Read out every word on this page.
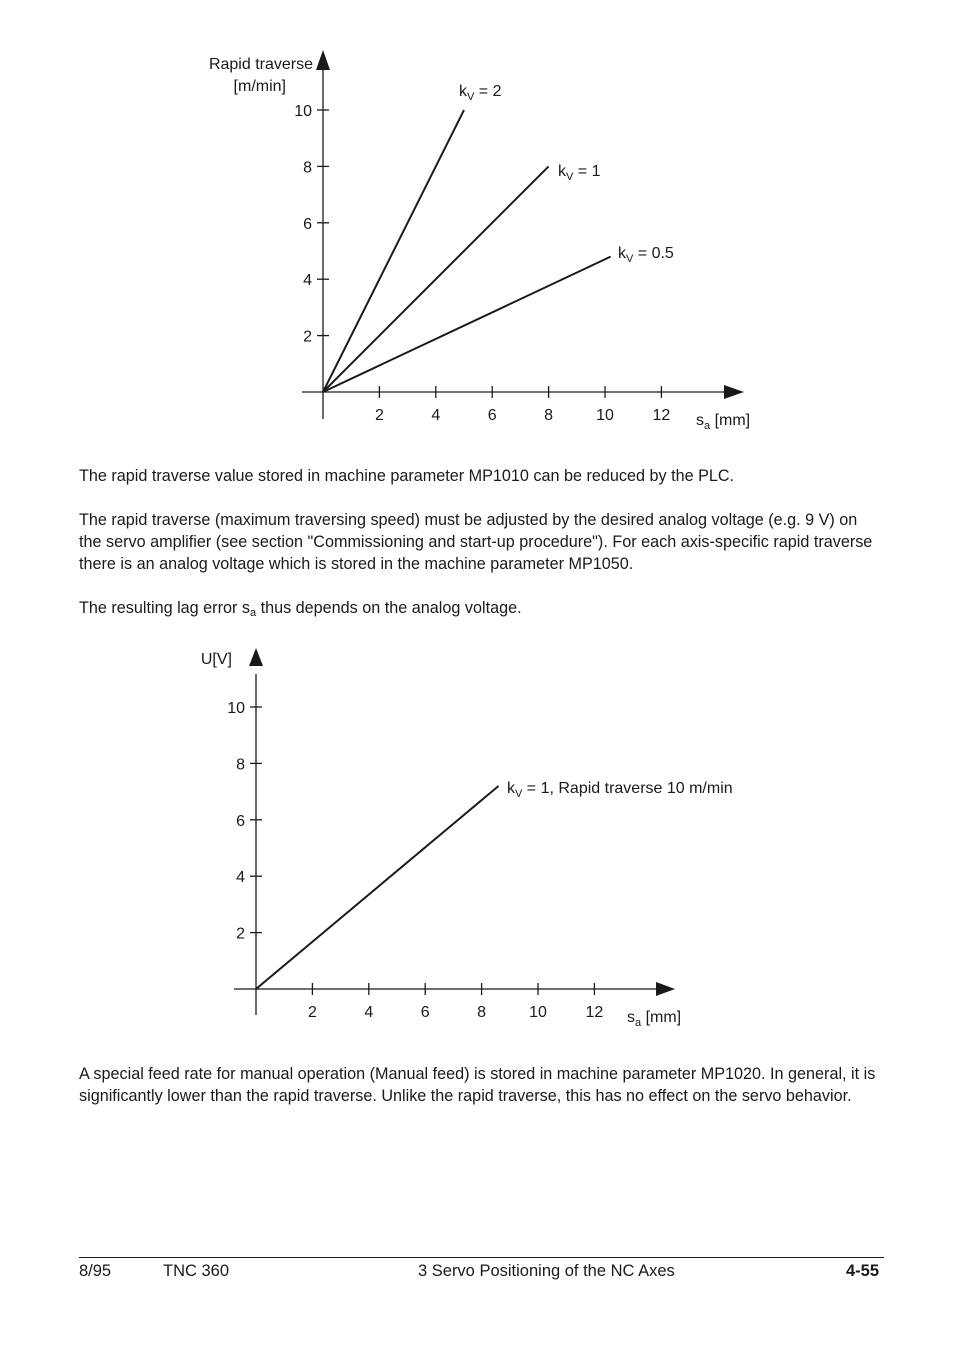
Rapid traverse
[m/min]
2	4	6	8	10 12
2
4
6
8
10
$k_V = 2$
$k_V = 1$
$k_V = 0.5$
$s_a$ [mm]

The rapid traverse value stored in machine parameter MP1010 can be reduced by the PLC.

The rapid traverse (maximum traversing speed) must be adjusted by the desired analog voltage (e.g. 9 V) on the servo amplifier (see section "Commissioning and start-up procedure"). For each axis-specific rapid traverse there is an analog voltage which is stored in the machine parameter MP1050.

The resulting lag error $s_a$ thus depends on the analog voltage.

U[V]
2	4	6	8	10 12
2
4
6
8
10
$k_V = 1$, Rapid traverse 10 m/min
$s_a$ [mm]

A special feed rate for manual operation (Manual feed) is stored in machine parameter MP1020. In general, it is significantly lower than the rapid traverse. Unlike the rapid traverse, this has no effect on the servo behavior.

8/95	TNC 360	3 Servo Positioning of the NC Axes	4-55
